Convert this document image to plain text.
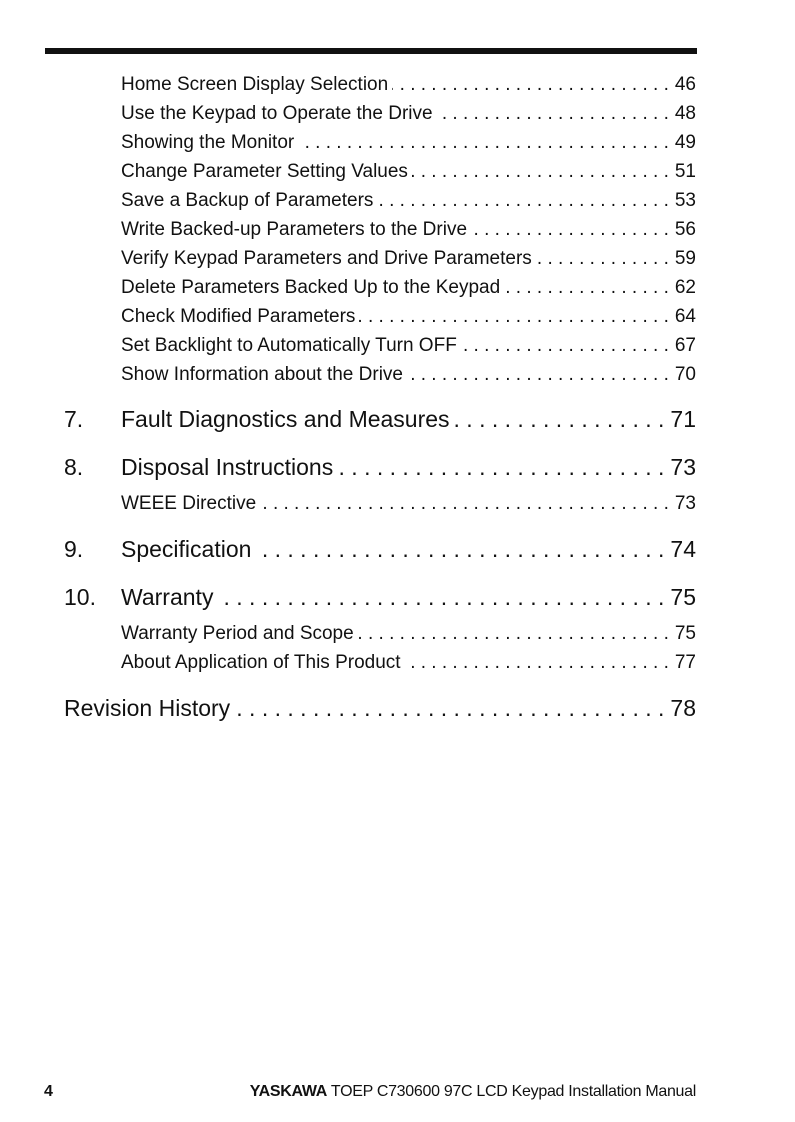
Home Screen Display Selection . . .	46
Use the Keypad to Operate the Drive . . .	48
Showing the Monitor . . .	49
Change Parameter Setting Values . . .	51
Save a Backup of Parameters . . .	53
Write Backed-up Parameters to the Drive . . .	56
Verify Keypad Parameters and Drive Parameters . . .	59
Delete Parameters Backed Up to the Keypad . . .	62
Check Modified Parameters . . .	64
Set Backlight to Automatically Turn OFF . . .	67
Show Information about the Drive . . .	70
7. Fault Diagnostics and Measures . . .	71
8. Disposal Instructions . . .	73
WEEE Directive . . .	73
9. Specification . . .	74
10. Warranty . . .	75
Warranty Period and Scope . . .	75
About Application of This Product . . .	77
Revision History . . .	78
4	YASKAWA TOEP C730600 97C LCD Keypad Installation Manual
